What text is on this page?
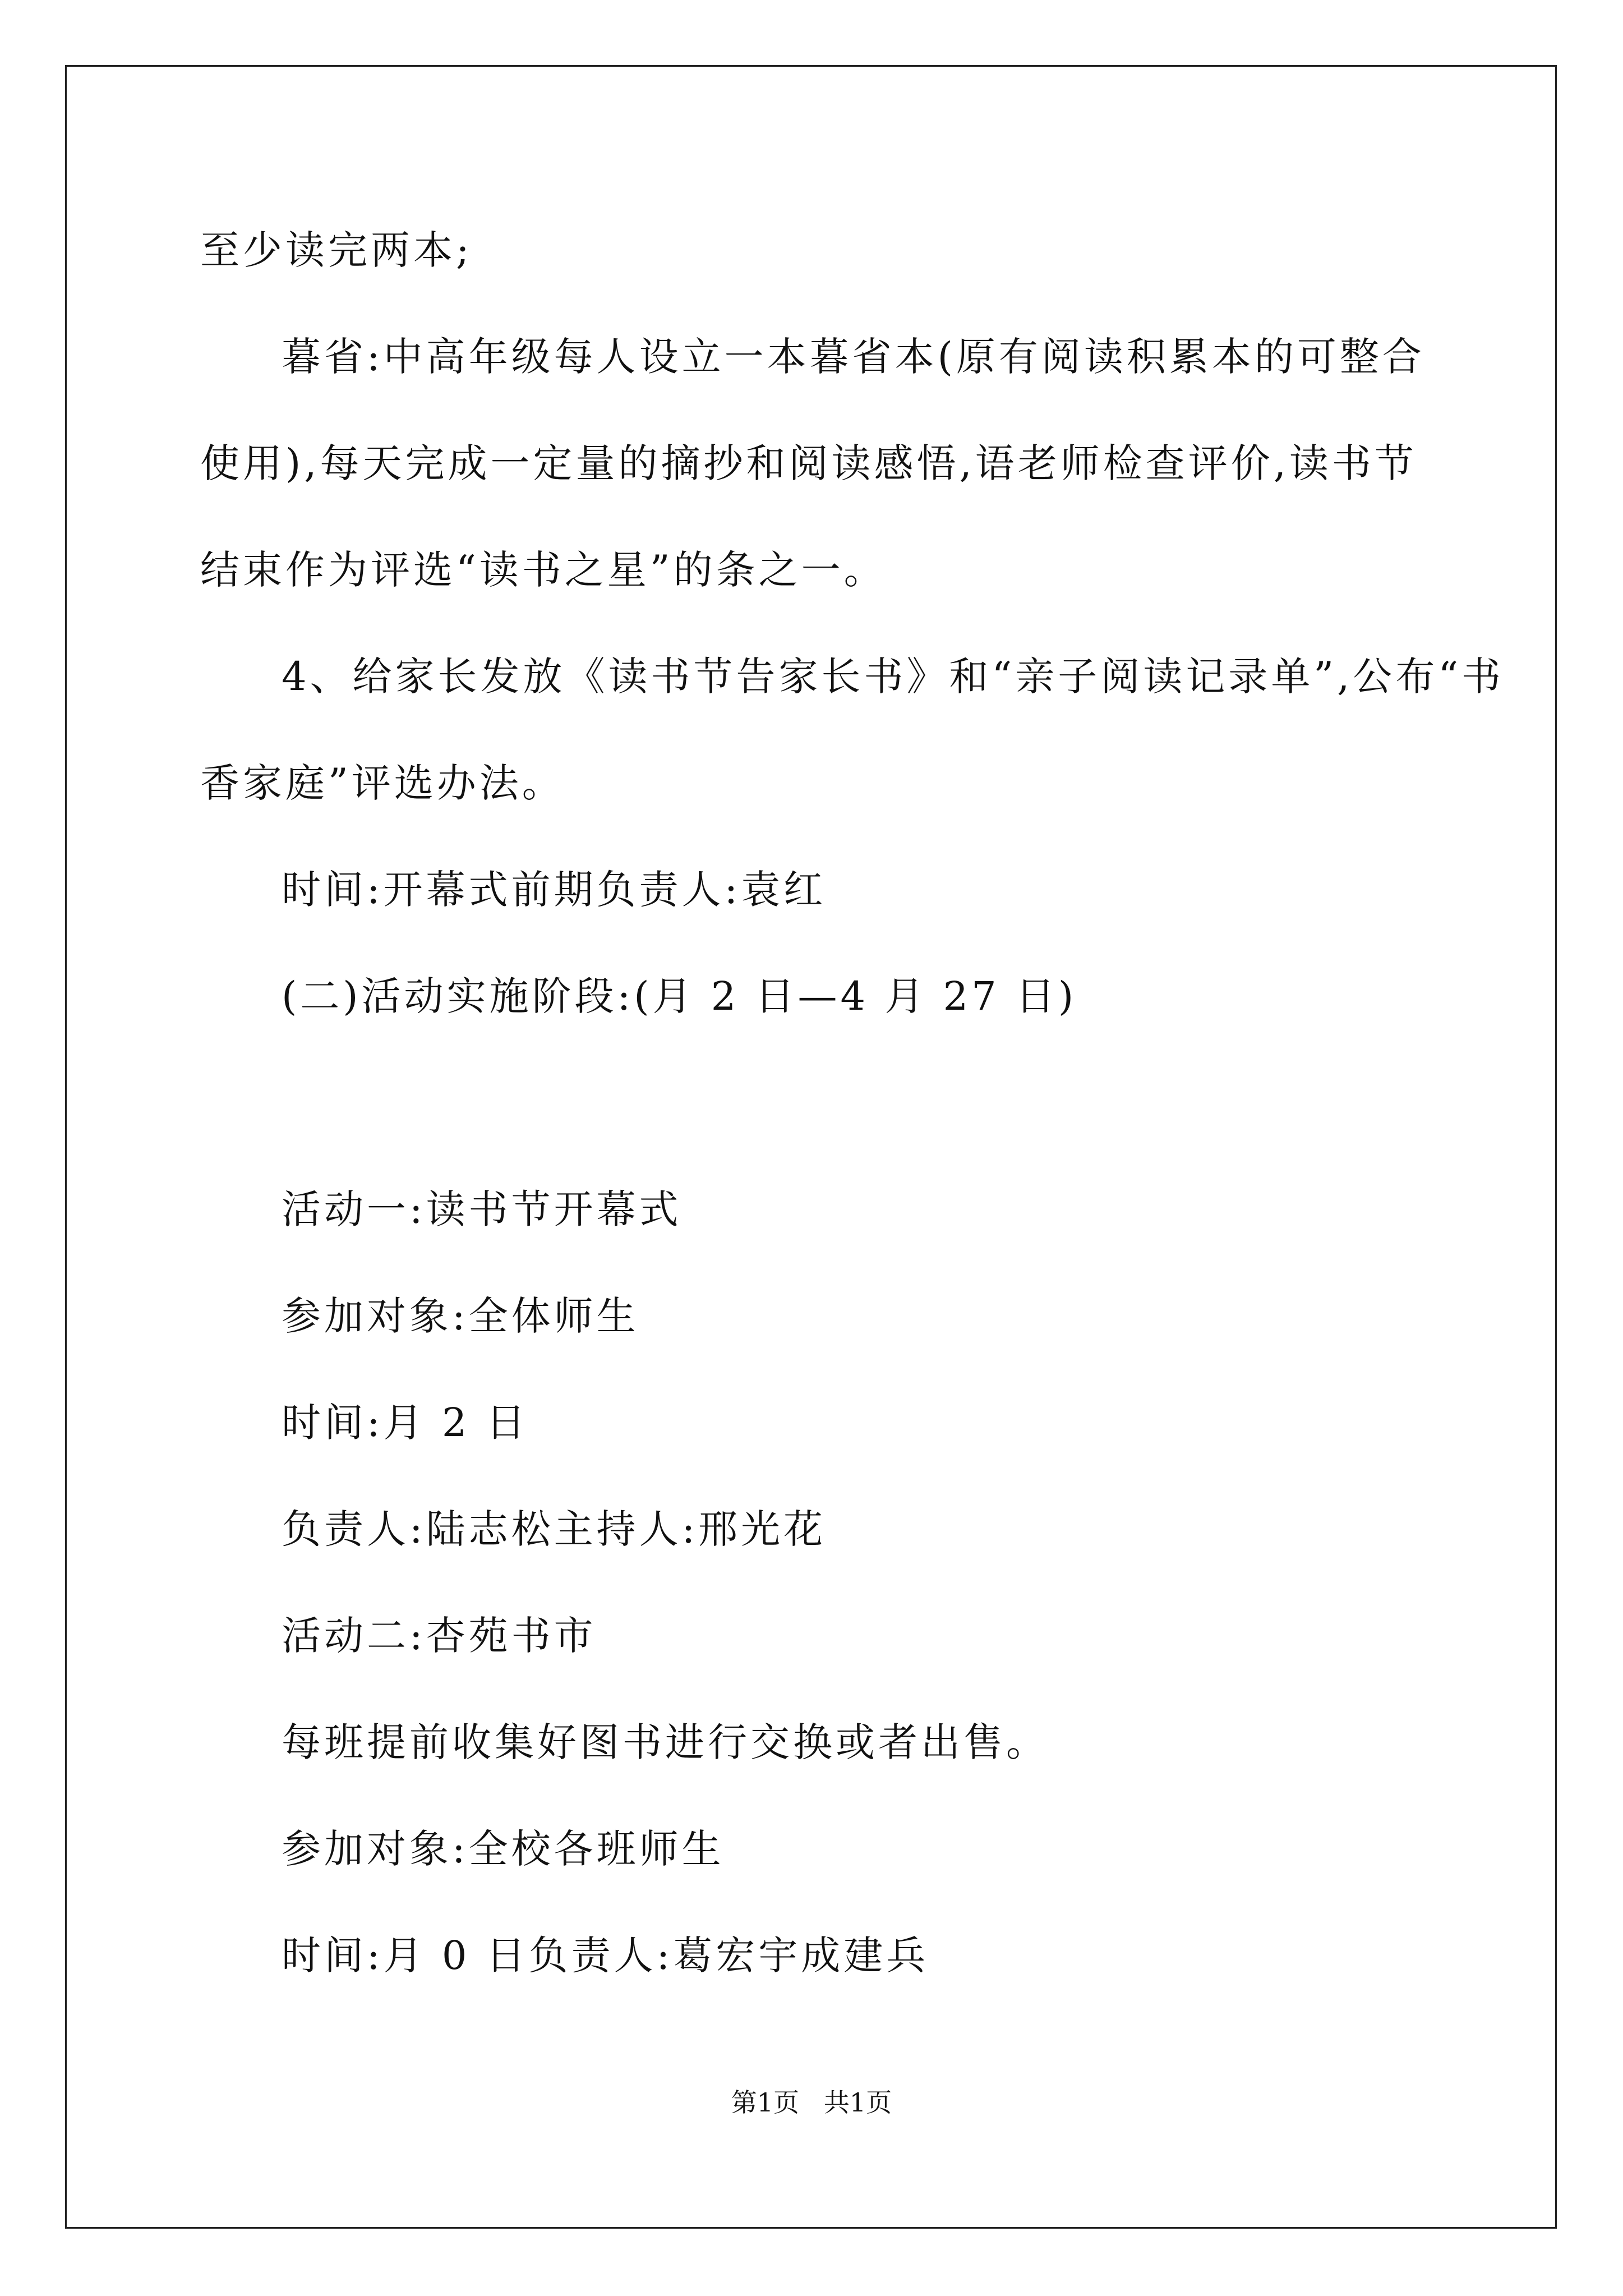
至少读完两本;
暮省:中高年级每人设立一本暮省本(原有阅读积累本的可整合
使用),每天完成一定量的摘抄和阅读感悟,语老师检查评价,读书节
结束作为评选“读书之星”的条之一。
4、给家长发放《读书节告家长书》和“亲子阅读记录单”,公布“书
香家庭”评选办法。
时间:开幕式前期负责人:袁红
(二)活动实施阶段:(月 2 日—4 月 27 日)
活动一:读书节开幕式
参加对象:全体师生
时间:月 2 日
负责人:陆志松主持人:邢光花
活动二:杏苑书市
每班提前收集好图书进行交换或者出售。
参加对象:全校各班师生
时间:月 0 日负责人:葛宏宇成建兵
第1页   共1页
